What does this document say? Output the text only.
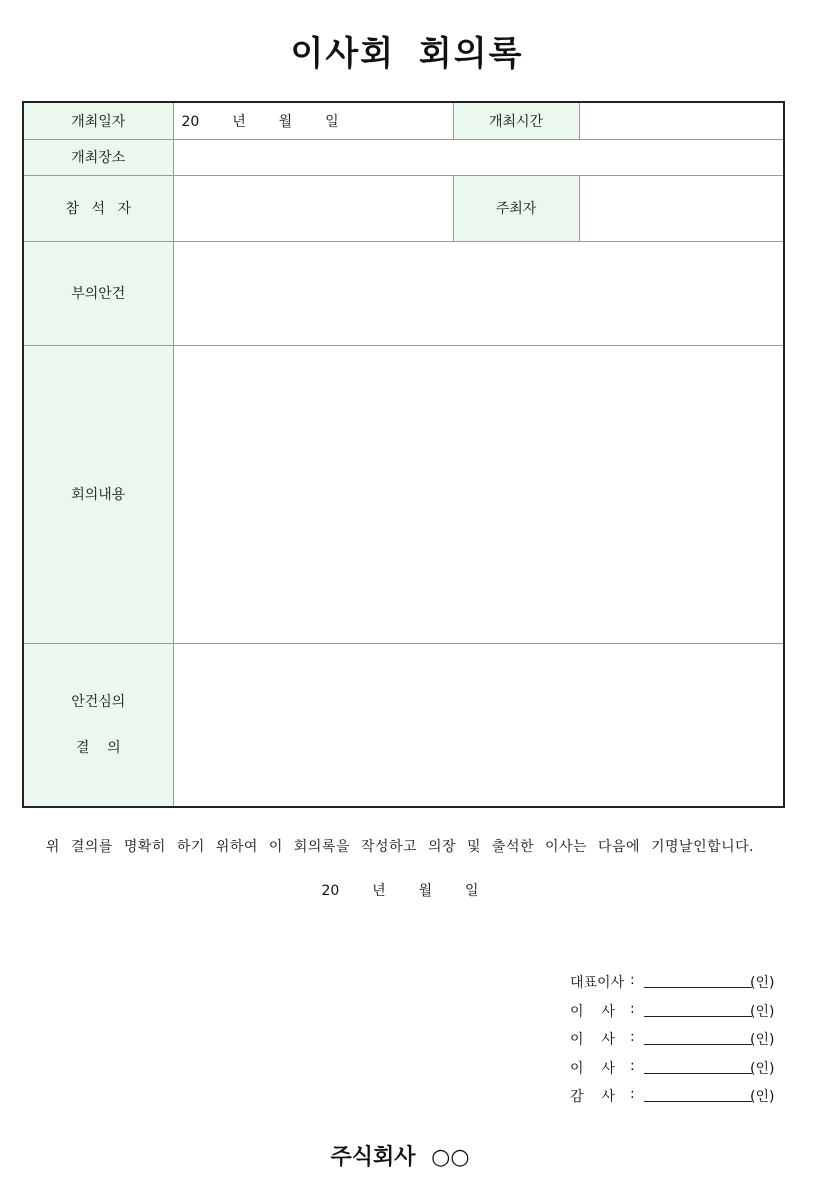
이사회 회의록
개최일자	20  년  월  일	개최시간	
개최장소			
참 석 자		주최자	
부의안건			
회의내용			

안건심의
결    의			

위 결의를 명확히 하기 위하여 이 회의록을 작성하고 의장 및 출석한 이사는 다음에 기명날인합니다.
20  년  월  일
대표이사 :	(인)
이    사	:	(인)
이    사	:	(인)
이    사	:	(인)
감    사	:	(인)
주식회사 ○○
